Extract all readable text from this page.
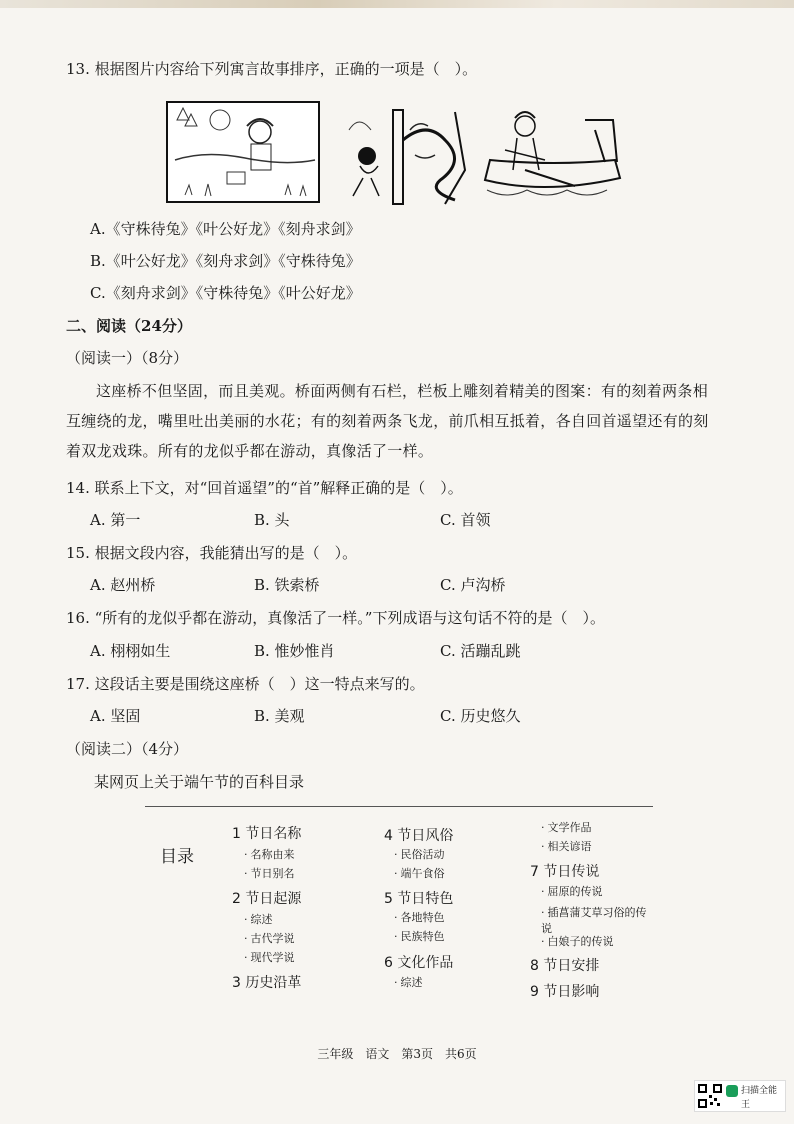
13. 根据图片内容给下列寓言故事排序，正确的一项是（　）。
A.《守株待兔》《叶公好龙》《刻舟求剑》
B.《叶公好龙》《刻舟求剑》《守株待兔》
C.《刻舟求剑》《守株待兔》《叶公好龙》
二、阅读（24分）
（阅读一）（8分）
这座桥不但坚固，而且美观。桥面两侧有石栏，栏板上雕刻着精美的图案：有的刻着两条相
互缠绕的龙，嘴里吐出美丽的水花；有的刻着两条飞龙，前爪相互抵着，各自回首遥望还有的刻
着双龙戏珠。所有的龙似乎都在游动，真像活了一样。
14. 联系上下文，对“回首遥望”的“首”解释正确的是（　）。
A. 第一	B. 头	C. 首领
15. 根据文段内容，我能猜出写的是（　）。
A. 赵州桥	B. 铁索桥	C. 卢沟桥
16. “所有的龙似乎都在游动，真像活了一样。”下列成语与这句话不符的是（　）。
A. 栩栩如生	B. 惟妙惟肖	C. 活蹦乱跳
17. 这段话主要是围绕这座桥（　）这一特点来写的。
A. 坚固	B. 美观	C. 历史悠久
（阅读二）（4分）
某网页上关于端午节的百科目录
目录
1 节日名称
· 名称由来
· 节日别名
2 节日起源
· 综述
· 古代学说
· 现代学说
3 历史沿革
4 节日风俗
· 民俗活动
· 端午食俗
5 节日特色
· 各地特色
· 民族特色
6 文化作品
· 综述
· 文学作品
· 相关谚语
7 节日传说
· 屈原的传说
· 插菖蒲艾草习俗的传说
· 白娘子的传说
8 节日安排
9 节日影响
三年级　语文　第3页　共6页
扫描全能王
